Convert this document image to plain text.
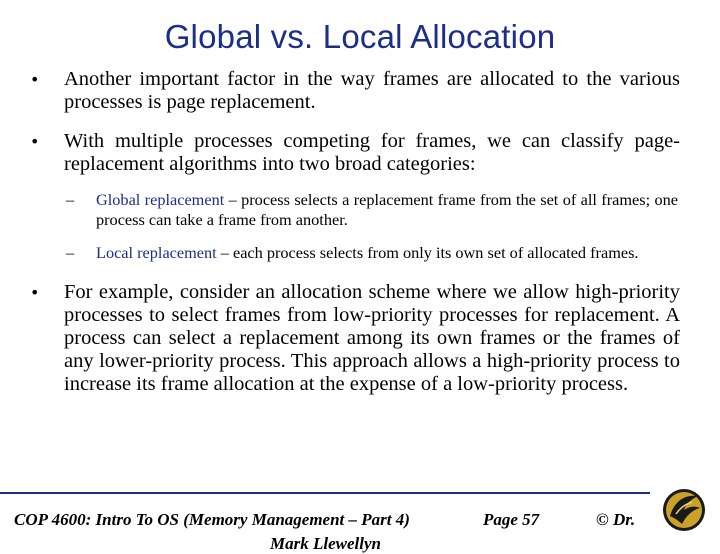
Global vs. Local Allocation
•	Another important factor in the way frames are allocated to the various processes is page replacement.
•	With multiple processes competing for frames, we can classify page-replacement algorithms into two broad categories:
– Global replacement – process selects a replacement frame from the set of all frames; one process can take a frame from another.
– Local replacement – each process selects from only its own set of allocated frames.
•	For example, consider an allocation scheme where we allow high-priority processes to select frames from low-priority processes for replacement. A process can select a replacement among its own frames or the frames of any lower-priority process. This approach allows a high-priority process to increase its frame allocation at the expense of a low-priority process.
COP 4600: Intro To OS (Memory Management – Part 4)	Page 57	© Dr.
Mark Llewellyn
